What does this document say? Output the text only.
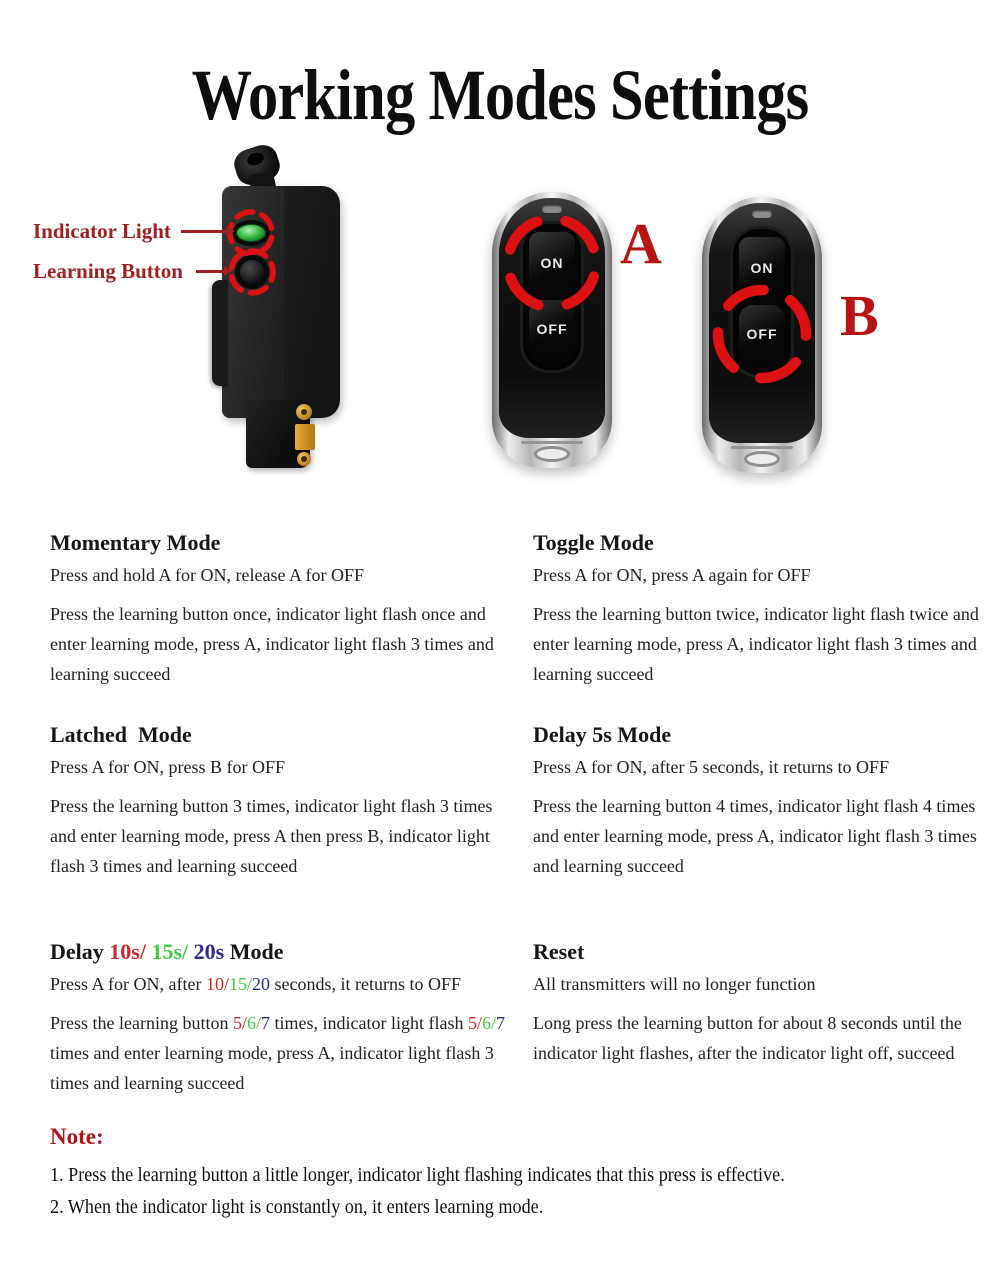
Working Modes Settings
Indicator Light
Learning Button	ON
OFF
A	ON
OFF B
Momentary Mode

Press and hold A for ON, release A for OFF

Press the learning button once, indicator light flash once and enter learning mode, press A, indicator light flash 3 times and learning succeed

Toggle Mode

Press A for ON, press A again for OFF

Press the learning button twice, indicator light flash twice and enter learning mode, press A, indicator light flash 3 times and learning succeed

Latched  Mode

Press A for ON, press B for OFF

Press the learning button 3 times, indicator light flash 3 times and enter learning mode, press A then press B, indicator light flash 3 times and learning succeed

Delay 5s Mode

Press A for ON, after 5 seconds, it returns to OFF

Press the learning button 4 times, indicator light flash 4 times and enter learning mode, press A, indicator light flash 3 times and learning succeed

Delay 10s/ 15s/ 20s Mode

Press A for ON, after 10/15/20 seconds, it returns to OFF

Press the learning button 5/6/7 times, indicator light flash 5/6/7  times and enter learning mode, press A, indicator light flash 3 times and learning succeed

Reset

All transmitters will no longer function

Long press the learning button for about 8 seconds until the indicator light flashes, after the indicator light off, succeed

Note:

1. Press the learning button a little longer, indicator light flashing indicates that this press is effective.

2. When the indicator light is constantly on, it enters learning mode.
